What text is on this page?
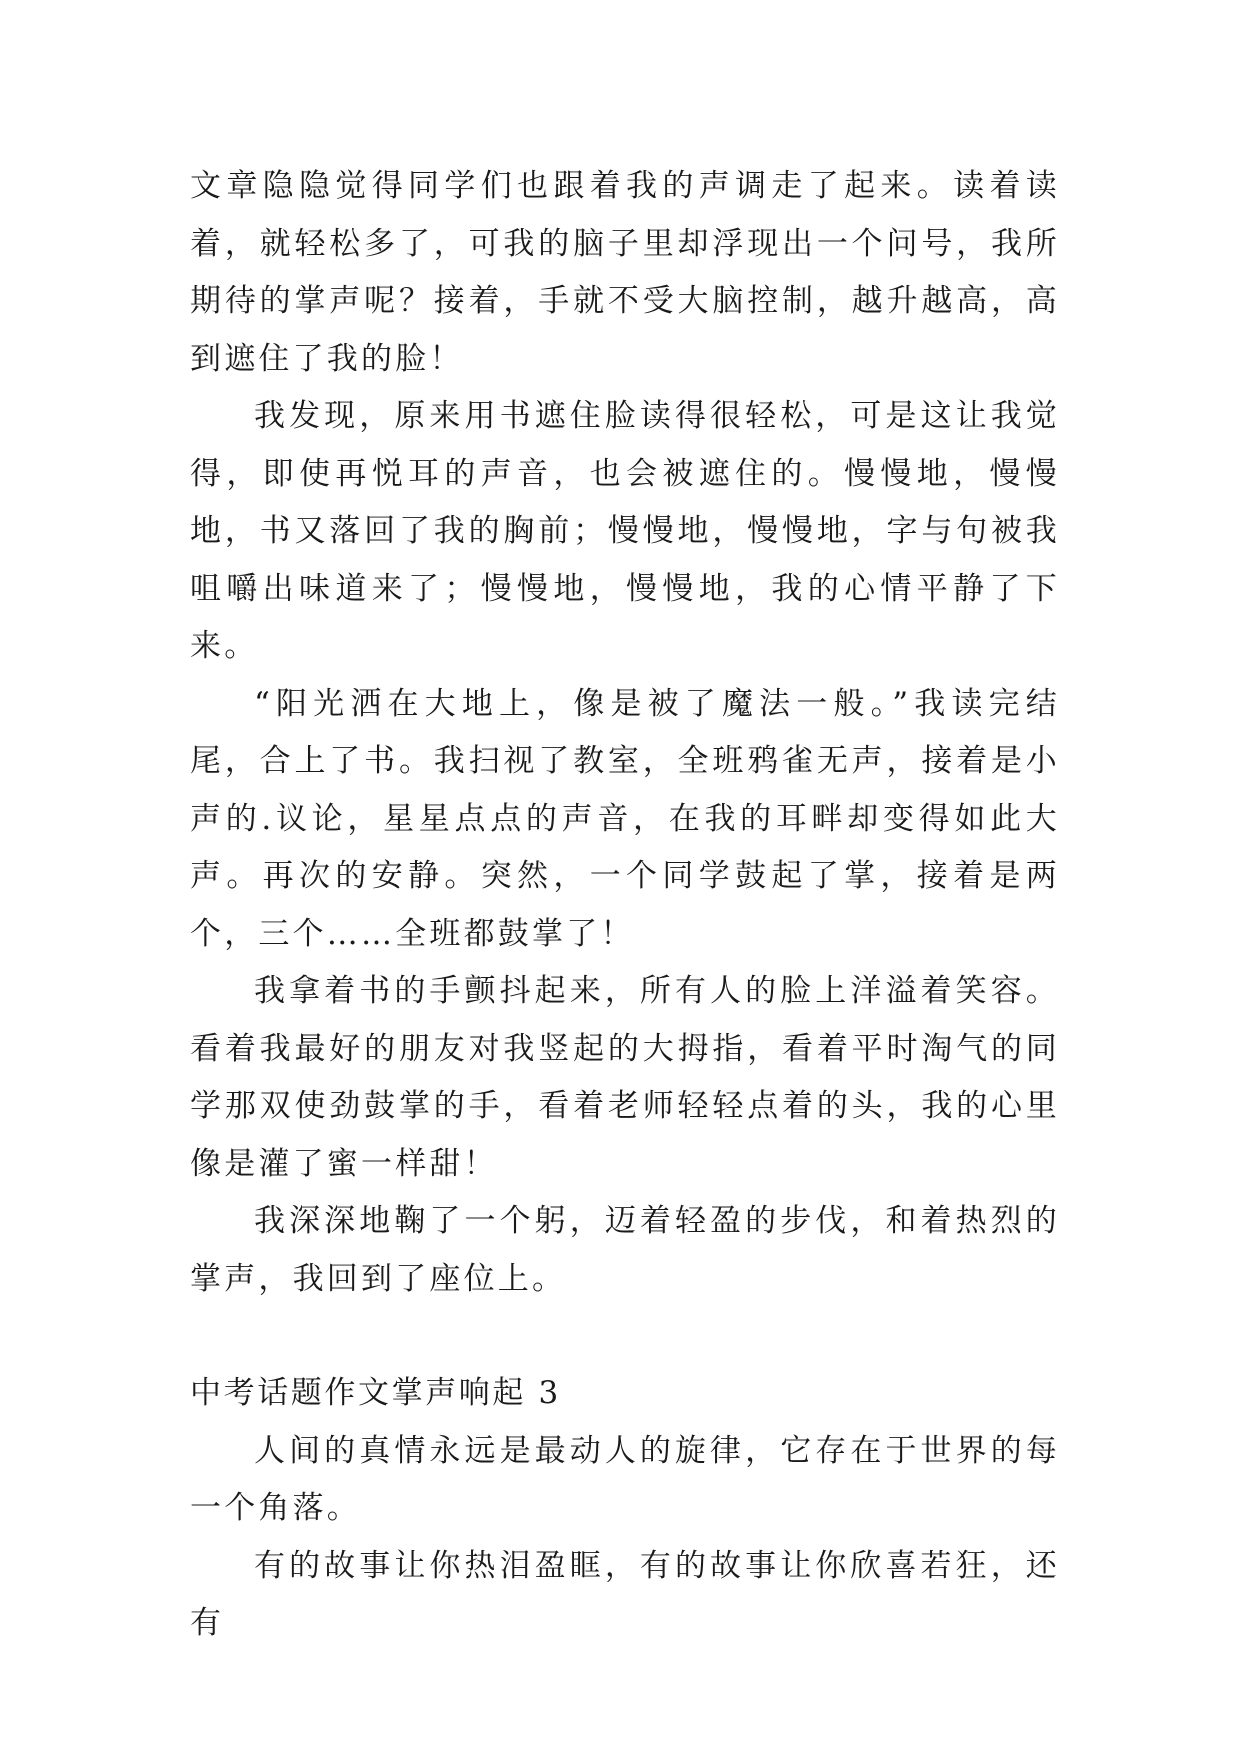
文章隐隐觉得同学们也跟着我的声调走了起来。读着读着，就轻松多了，可我的脑子里却浮现出一个问号，我所期待的掌声呢？接着，手就不受大脑控制，越升越高，高到遮住了我的脸！

我发现，原来用书遮住脸读得很轻松，可是这让我觉得，即使再悦耳的声音，也会被遮住的。慢慢地，慢慢地，书又落回了我的胸前；慢慢地，慢慢地，字与句被我咀嚼出味道来了；慢慢地，慢慢地，我的心情平静了下来。

“阳光洒在大地上，像是被了魔法一般。”我读完结尾，合上了书。我扫视了教室，全班鸦雀无声，接着是小声的.议论，星星点点的声音，在我的耳畔却变得如此大声。再次的安静。突然，一个同学鼓起了掌，接着是两个，三个……全班都鼓掌了！

我拿着书的手颤抖起来，所有人的脸上洋溢着笑容。看着我最好的朋友对我竖起的大拇指，看着平时淘气的同学那双使劲鼓掌的手，看着老师轻轻点着的头，我的心里像是灌了蜜一样甜！

我深深地鞠了一个躬，迈着轻盈的步伐，和着热烈的掌声，我回到了座位上。

中考话题作文掌声响起 3

人间的真情永远是最动人的旋律，它存在于世界的每一个角落。

有的故事让你热泪盈眶，有的故事让你欣喜若狂，还有
